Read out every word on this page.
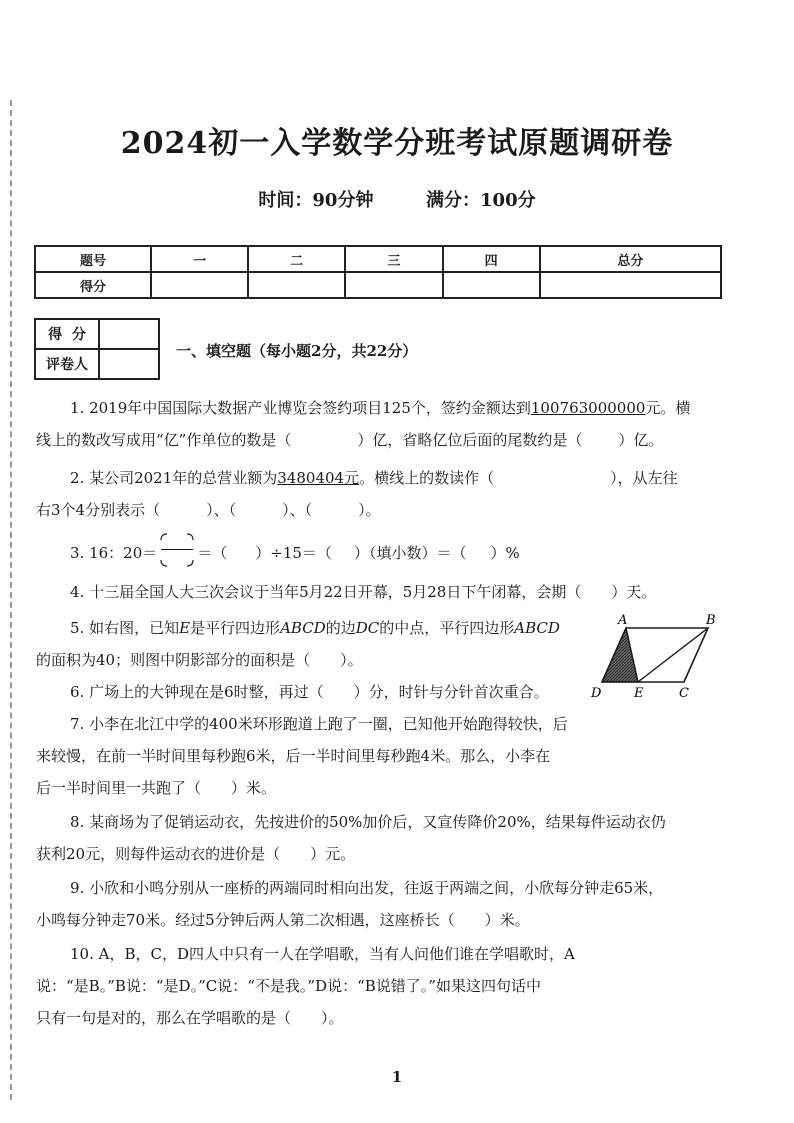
2024初一入学数学分班考试原题调研卷
时间：90分钟	满分：100分
题号	一	二	三	四	总分
得分					
得  分	
评卷人	
一、填空题（每小题2分，共22分）
1. 2019年中国国际大数据产业博览会签约项目125个，签约金额达到100763000000元。横
线上的数改写成用“亿”作单位的数是（	）亿，省略亿位后面的尾数约是（ ）亿。
2. 某公司2021年的总营业额为3480404元。横线上的数读作（	），从左往
右3个4分别表示（	）、（	）、（	）。
3. 16：20＝	＝（ ）÷15＝（ ）（填小数）＝（ ）%
4. 十三届全国人大三次会议于当年5月22日开幕，5月28日下午闭幕，会期（　　）天。
5. 如右图，已知E是平行四边形ABCD的边DC的中点，平行四边形ABCD
的面积为40；则图中阴影部分的面积是（　　）。
A	B
D	E	C
6. 广场上的大钟现在是6时整，再过（　　）分，时针与分针首次重合。
7. 小李在北江中学的400米环形跑道上跑了一圈，已知他开始跑得较快，后
来较慢，在前一半时间里每秒跑6米，后一半时间里每秒跑4米。那么，小李在
后一半时间里一共跑了（　　）米。
8. 某商场为了促销运动衣，先按进价的50%加价后，又宣传降价20%，结果每件运动衣仍
获利20元，则每件运动衣的进价是（　　）元。
9. 小欣和小鸣分别从一座桥的两端同时相向出发，往返于两端之间，小欣每分钟走65米，
小鸣每分钟走70米。经过5分钟后两人第二次相遇，这座桥长（　　）米。
10. A，B，C，D四人中只有一人在学唱歌，当有人问他们谁在学唱歌时，A
说：“是B。”B说：“是D。”C说：“不是我。”D说：“B说错了。”如果这四句话中
只有一句是对的，那么在学唱歌的是（　　）。
1
